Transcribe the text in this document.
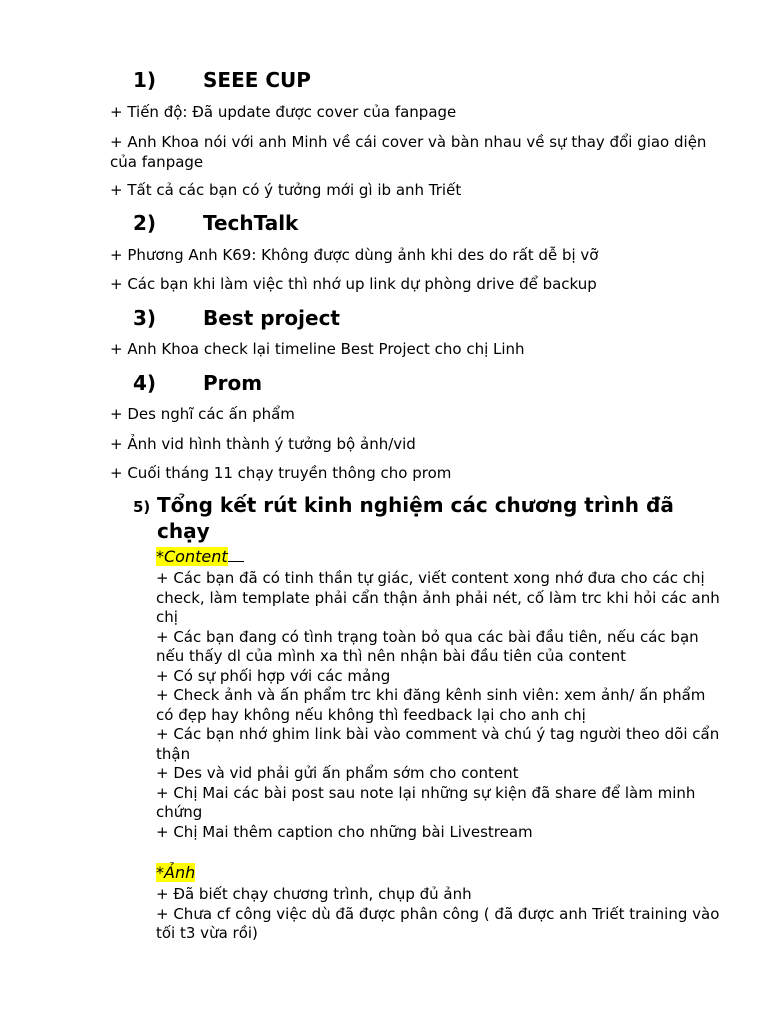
1) SEEE CUP
+ Tiến độ: Đã update được cover của fanpage
+ Anh Khoa nói với anh Minh về cái cover và bàn nhau về sự thay đổi giao diện của fanpage
+ Tất cả các bạn có ý tưởng mới gì ib anh Triết
2) TechTalk
+ Phương Anh K69: Không được dùng ảnh khi des do rất dễ bị vỡ
+ Các bạn khi làm việc thì nhớ up link dự phòng drive để backup
3) Best project
+ Anh Khoa check lại timeline Best Project cho chị Linh
4) Prom
+ Des nghĩ các ấn phẩm
+ Ảnh vid hình thành ý tưởng bộ ảnh/vid
+ Cuối tháng 11 chạy truyền thông cho prom
5) Tổng kết rút kinh nghiệm các chương trình đã chạy
*Content
+ Các bạn đã có tinh thần tự giác, viết content xong nhớ đưa cho các chị check, làm template phải cẩn thận ảnh phải nét, cố làm trc khi hỏi các anh chị
+ Các bạn đang có tình trạng toàn bỏ qua các bài đầu tiên, nếu các bạn nếu thấy dl của mình xa thì nên nhận bài đầu tiên của content
+ Có sự phối hợp với các mảng
+ Check ảnh và ấn phẩm trc khi đăng kênh sinh viên: xem ảnh/ ấn phẩm có đẹp hay không nếu không thì feedback lại cho anh chị
+ Các bạn nhớ ghim link bài vào comment và chú ý tag người theo dõi cẩn thận
+ Des và vid phải gửi ấn phẩm sớm cho content
+ Chị Mai các bài post sau note lại những sự kiện đã share để làm minh chứng
+ Chị Mai thêm caption cho những bài Livestream
*Ảnh
+ Đã biết chạy chương trình, chụp đủ ảnh
+ Chưa cf công việc dù đã được phân công ( đã được anh Triết training vào tối t3 vừa rồi)
